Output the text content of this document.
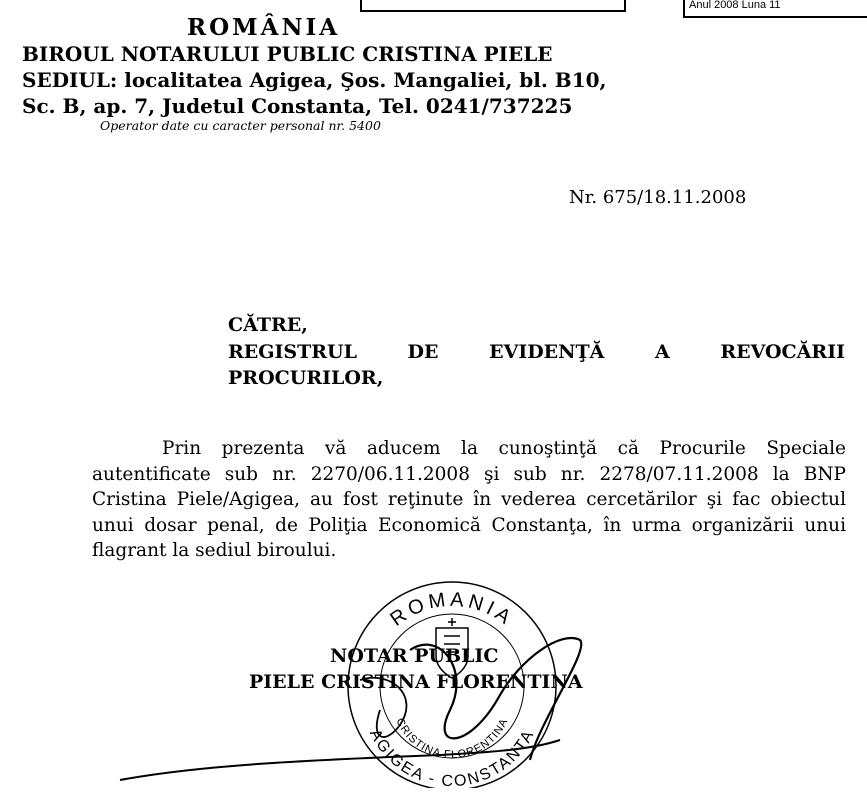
Anul 2008 Luna 11
ROMÂNIA
BIROUL NOTARULUI PUBLIC CRISTINA PIELE
SEDIUL: localitatea Agigea, Şos. Mangaliei, bl. B10,
Sc. B, ap. 7, Judetul Constanta, Tel. 0241/737225
Operator date cu caracter personal nr. 5400
Nr. 675/18.11.2008
CĂTRE,
REGISTRUL DE EVIDENŢĂ A REVOCĂRII
PROCURILOR,
Prin prezenta vă aducem la cunoştinţă că Procurile Speciale autentificate sub nr. 2270/06.11.2008 şi sub nr. 2278/07.11.2008 la BNP Cristina Piele/Agigea, au fost reţinute în vederea cercetărilor şi fac obiectul unui dosar penal, de Poliţia Economică Constanţa, în urma organizării unui flagrant la sediul biroului.
ROMANIA
CRISTINA FLORENTINA
AGIGEA - CONSTANTA
NOTAR PUBLIC
PIELE CRISTINA FLORENTINA
